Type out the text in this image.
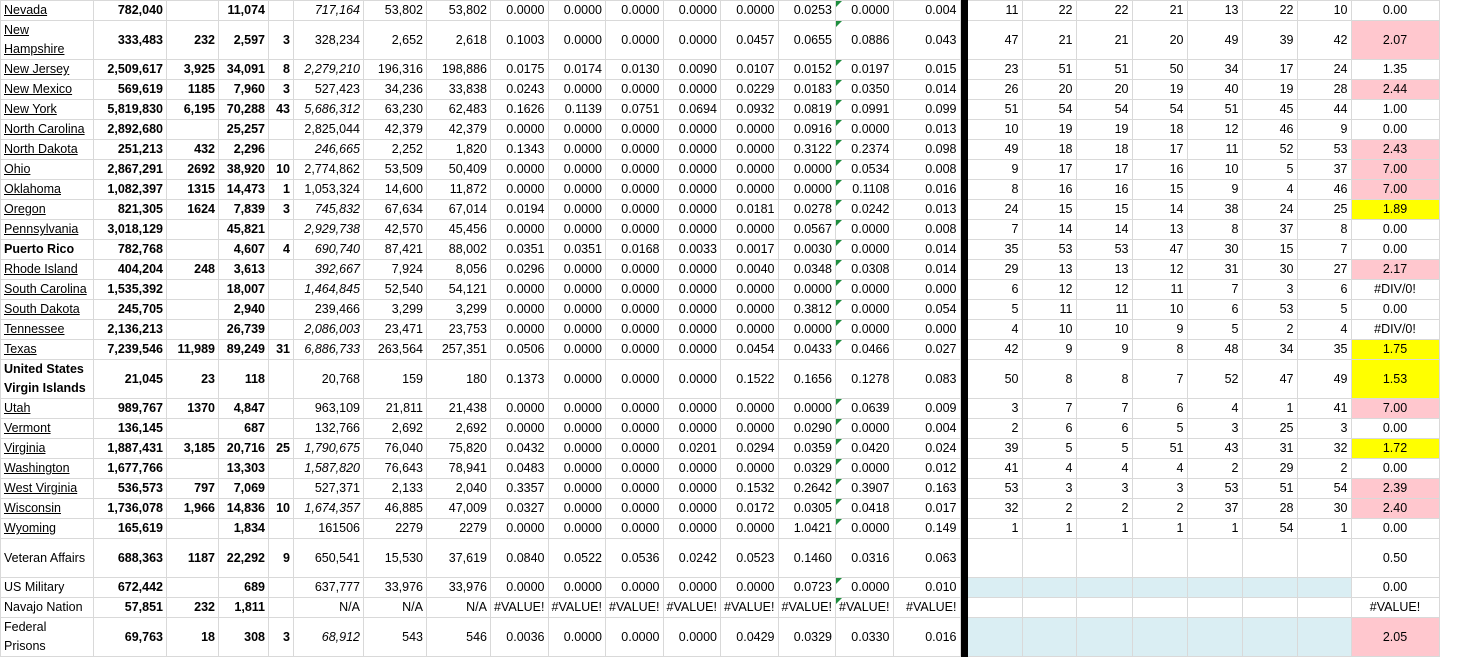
Nevada	782,040		11,074		717,164	53,802	53,802	0.0000	0.0000	0.0000	0.0000	0.0000	0.0253	0.0000	0.004		11	22	22	21	13	22	10	0.00
New Hampshire	333,483	232	2,597	3	328,234	2,652	2,618	0.1003	0.0000	0.0000	0.0000	0.0457	0.0655	0.0886	0.043		47	21	21	20	49	39	42	2.07
New Jersey	2,509,617	3,925	34,091	8	2,279,210	196,316	198,886	0.0175	0.0174	0.0130	0.0090	0.0107	0.0152	0.0197	0.015		23	51	51	50	34	17	24	1.35
New Mexico	569,619	1185	7,960	3	527,423	34,236	33,838	0.0243	0.0000	0.0000	0.0000	0.0229	0.0183	0.0350	0.014		26	20	20	19	40	19	28	2.44
New York	5,819,830	6,195	70,288	43	5,686,312	63,230	62,483	0.1626	0.1139	0.0751	0.0694	0.0932	0.0819	0.0991	0.099		51	54	54	54	51	45	44	1.00
North Carolina	2,892,680		25,257		2,825,044	42,379	42,379	0.0000	0.0000	0.0000	0.0000	0.0000	0.0916	0.0000	0.013		10	19	19	18	12	46	9	0.00
North Dakota	251,213	432	2,296		246,665	2,252	1,820	0.1343	0.0000	0.0000	0.0000	0.0000	0.3122	0.2374	0.098		49	18	18	17	11	52	53	2.43
Ohio	2,867,291	2692	38,920	10	2,774,862	53,509	50,409	0.0000	0.0000	0.0000	0.0000	0.0000	0.0000	0.0534	0.008		9	17	17	16	10	5	37	7.00
Oklahoma	1,082,397	1315	14,473	1	1,053,324	14,600	11,872	0.0000	0.0000	0.0000	0.0000	0.0000	0.0000	0.1108	0.016		8	16	16	15	9	4	46	7.00
Oregon	821,305	1624	7,839	3	745,832	67,634	67,014	0.0194	0.0000	0.0000	0.0000	0.0181	0.0278	0.0242	0.013		24	15	15	14	38	24	25	1.89
Pennsylvania	3,018,129		45,821		2,929,738	42,570	45,456	0.0000	0.0000	0.0000	0.0000	0.0000	0.0567	0.0000	0.008		7	14	14	13	8	37	8	0.00
Puerto Rico	782,768		4,607	4	690,740	87,421	88,002	0.0351	0.0351	0.0168	0.0033	0.0017	0.0030	0.0000	0.014		35	53	53	47	30	15	7	0.00
Rhode Island	404,204	248	3,613		392,667	7,924	8,056	0.0296	0.0000	0.0000	0.0000	0.0040	0.0348	0.0308	0.014		29	13	13	12	31	30	27	2.17
South Carolina	1,535,392		18,007		1,464,845	52,540	54,121	0.0000	0.0000	0.0000	0.0000	0.0000	0.0000	0.0000	0.000		6	12	12	11	7	3	6	#DIV/0!
South Dakota	245,705		2,940		239,466	3,299	3,299	0.0000	0.0000	0.0000	0.0000	0.0000	0.3812	0.0000	0.054		5	11	11	10	6	53	5	0.00
Tennessee	2,136,213		26,739		2,086,003	23,471	23,753	0.0000	0.0000	0.0000	0.0000	0.0000	0.0000	0.0000	0.000		4	10	10	9	5	2	4	#DIV/0!
Texas	7,239,546	11,989	89,249	31	6,886,733	263,564	257,351	0.0506	0.0000	0.0000	0.0000	0.0454	0.0433	0.0466	0.027		42	9	9	8	48	34	35	1.75
United States Virgin Islands	21,045	23	118		20,768	159	180	0.1373	0.0000	0.0000	0.0000	0.1522	0.1656	0.1278	0.083		50	8	8	7	52	47	49	1.53
Utah	989,767	1370	4,847		963,109	21,811	21,438	0.0000	0.0000	0.0000	0.0000	0.0000	0.0000	0.0639	0.009		3	7	7	6	4	1	41	7.00
Vermont	136,145		687		132,766	2,692	2,692	0.0000	0.0000	0.0000	0.0000	0.0000	0.0290	0.0000	0.004		2	6	6	5	3	25	3	0.00
Virginia	1,887,431	3,185	20,716	25	1,790,675	76,040	75,820	0.0432	0.0000	0.0000	0.0201	0.0294	0.0359	0.0420	0.024		39	5	5	51	43	31	32	1.72
Washington	1,677,766		13,303		1,587,820	76,643	78,941	0.0483	0.0000	0.0000	0.0000	0.0000	0.0329	0.0000	0.012		41	4	4	4	2	29	2	0.00
West Virginia	536,573	797	7,069		527,371	2,133	2,040	0.3357	0.0000	0.0000	0.0000	0.1532	0.2642	0.3907	0.163		53	3	3	3	53	51	54	2.39
Wisconsin	1,736,078	1,966	14,836	10	1,674,357	46,885	47,009	0.0327	0.0000	0.0000	0.0000	0.0172	0.0305	0.0418	0.017		32	2	2	2	37	28	30	2.40
Wyoming	165,619		1,834		161506	2279	2279	0.0000	0.0000	0.0000	0.0000	0.0000	1.0421	0.0000	0.149		1	1	1	1	1	54	1	0.00
Veteran Affairs	688,363	1187	22,292	9	650,541	15,530	37,619	0.0840	0.0522	0.0536	0.0242	0.0523	0.1460	0.0316	0.063									0.50
US Military	672,442		689		637,777	33,976	33,976	0.0000	0.0000	0.0000	0.0000	0.0000	0.0723	0.0000	0.010									0.00
Navajo Nation	57,851	232	1,811		N/A	N/A	N/A	#VALUE!	#VALUE!	#VALUE!	#VALUE!	#VALUE!	#VALUE!	#VALUE!	#VALUE!									#VALUE!
Federal Prisons	69,763	18	308	3	68,912	543	546	0.0036	0.0000	0.0000	0.0000	0.0429	0.0329	0.0330	0.016									2.05
